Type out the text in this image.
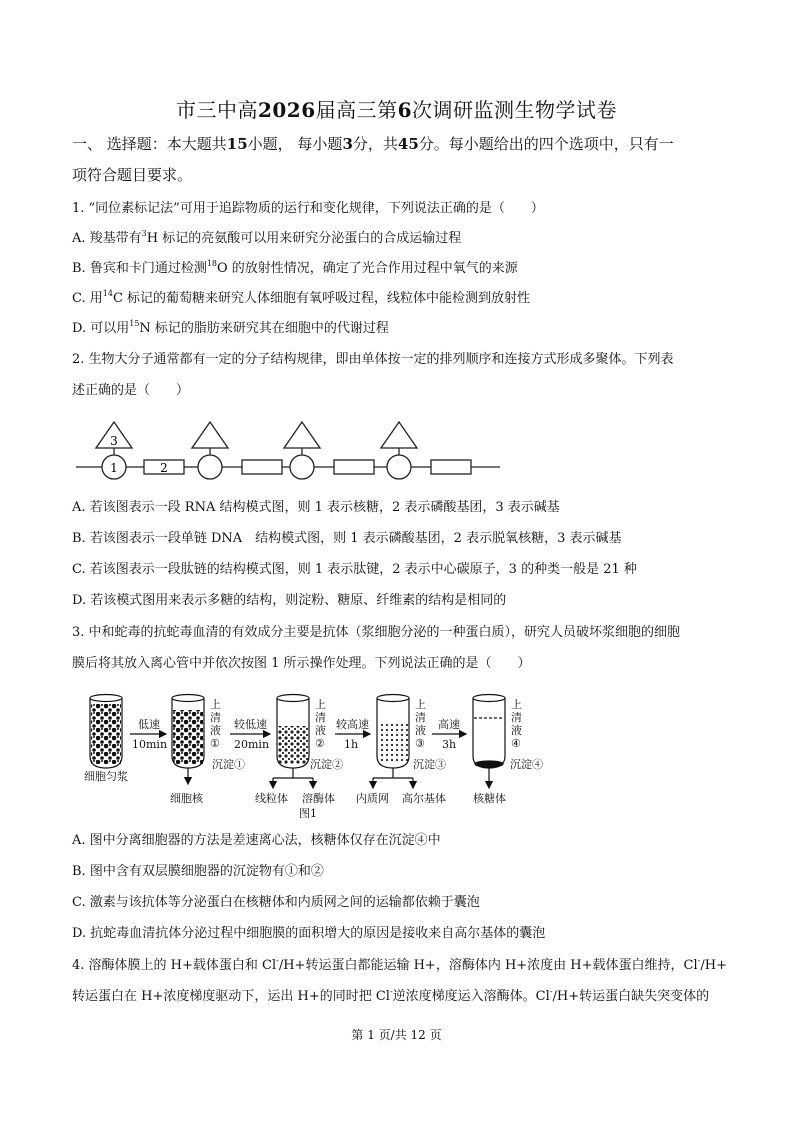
市三中高2026届高三第6次调研监测生物学试卷
一、 选择题：本大题共15小题， 每小题3分，共45分。每小题给出的四个选项中，只有一
项符合题目要求。
1. “同位素标记法”可用于追踪物质的运行和变化规律，下列说法正确的是（　　）
A. 羧基带有$^3$H 标记的亮氨酸可以用来研究分泌蛋白的合成运输过程
B. 鲁宾和卡门通过检测$^{18}$O 的放射性情况，确定了光合作用过程中氧气的来源
C. 用$^{14}$C 标记的葡萄糖来研究人体细胞有氧呼吸过程，线粒体中能检测到放射性
D. 可以用$^{15}$N 标记的脂肪来研究其在细胞中的代谢过程
2. 生物大分子通常都有一定的分子结构规律，即由单体按一定的排列顺序和连接方式形成多聚体。下列表
述正确的是（　　）
3
1	2
A. 若该图表示一段 RNA 结构模式图，则 1 表示核糖，2 表示磷酸基团，3 表示碱基
B. 若该图表示一段单链 DNA　结构模式图，则 1 表示磷酸基团，2 表示脱氧核糖，3 表示碱基
C. 若该图表示一段肽链的结构模式图，则 1 表示肽键，2 表示中心碳原子，3 的种类一般是 21 种
D. 若该模式图用来表示多糖的结构，则淀粉、糖原、纤维素的结构是相同的
3. 中和蛇毒的抗蛇毒血清的有效成分主要是抗体（浆细胞分泌的一种蛋白质），研究人员破坏浆细胞的细胞
膜后将其放入离心管中并依次按图 1 所示操作处理。下列说法正确的是（　　）
细胞匀浆
低速
10min
较低速
20min
较高速
1h
高速
3h
上
清
液
①
上
清
液
②
上
清
液
③
上
清
液
④
沉淀①	沉淀②	沉淀③	沉淀④
细胞核	线粒体 溶酶体 内质网 高尔基体 核糖体
图1
A. 图中分离细胞器的方法是差速离心法，核糖体仅存在沉淀④中
B. 图中含有双层膜细胞器的沉淀物有①和②
C. 激素与该抗体等分泌蛋白在核糖体和内质网之间的运输都依赖于囊泡
D. 抗蛇毒血清抗体分泌过程中细胞膜的面积增大的原因是接收来自高尔基体的囊泡
4. 溶酶体膜上的 H+载体蛋白和 Cl-/H+转运蛋白都能运输 H+，溶酶体内 H+浓度由 H+载体蛋白维持，Cl-/H+
转运蛋白在 H+浓度梯度驱动下，运出 H+的同时把 Cl-逆浓度梯度运入溶酶体。Cl-/H+转运蛋白缺失突变体的
第 1 页/共 12 页
